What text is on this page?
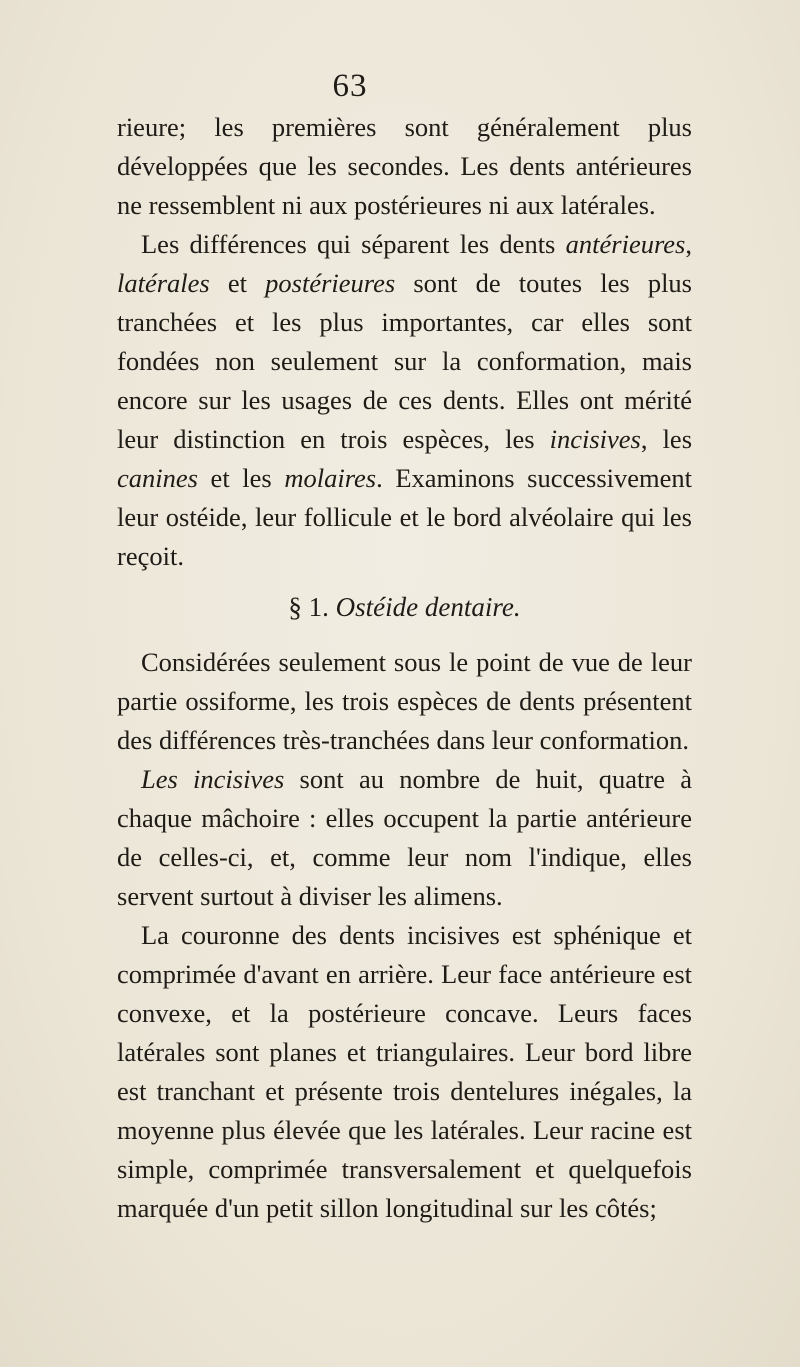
63

rieure; les premières sont généralement plus développées que les secondes. Les dents antérieures ne ressemblent ni aux postérieures ni aux latérales.

Les différences qui séparent les dents antérieures, latérales et postérieures sont de toutes les plus tranchées et les plus importantes, car elles sont fondées non seulement sur la conformation, mais encore sur les usages de ces dents. Elles ont mérité leur distinction en trois espèces, les incisives, les canines et les molaires. Examinons successivement leur ostéide, leur follicule et le bord alvéolaire qui les reçoit.

§ 1. Ostéide dentaire.

Considérées seulement sous le point de vue de leur partie ossiforme, les trois espèces de dents présentent des différences très-tranchées dans leur conformation.

Les incisives sont au nombre de huit, quatre à chaque mâchoire : elles occupent la partie antérieure de celles-ci, et, comme leur nom l'indique, elles servent surtout à diviser les alimens.

La couronne des dents incisives est sphénique et comprimée d'avant en arrière. Leur face antérieure est convexe, et la postérieure concave. Leurs faces latérales sont planes et triangulaires. Leur bord libre est tranchant et présente trois dentelures inégales, la moyenne plus élevée que les latérales. Leur racine est simple, comprimée transversalement et quelquefois marquée d'un petit sillon longitudinal sur les côtés;
